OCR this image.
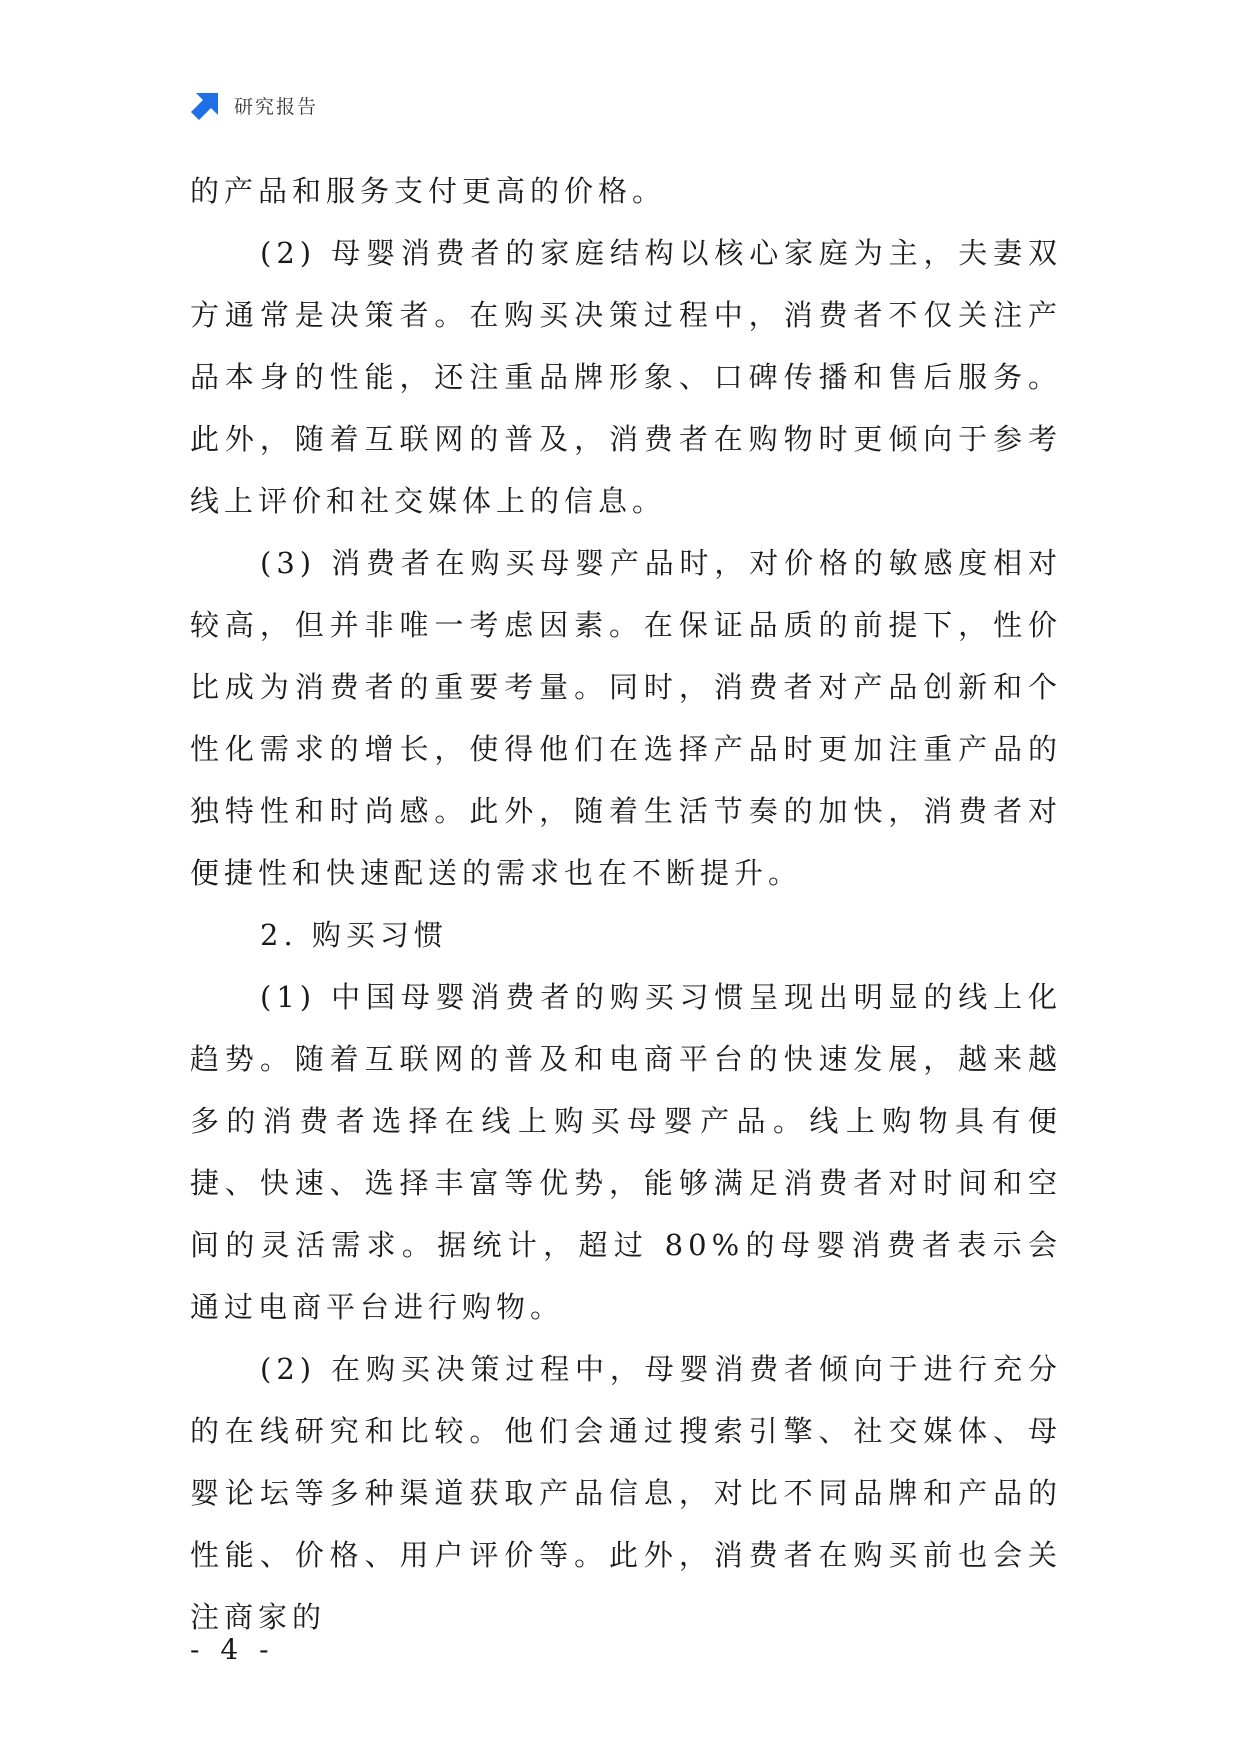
研究报告

的产品和服务支付更高的价格。

(2) 母婴消费者的家庭结构以核心家庭为主，夫妻双方通常是决策者。在购买决策过程中，消费者不仅关注产品本身的性能，还注重品牌形象、口碑传播和售后服务。此外，随着互联网的普及，消费者在购物时更倾向于参考线上评价和社交媒体上的信息。

(3) 消费者在购买母婴产品时，对价格的敏感度相对较高，但并非唯一考虑因素。在保证品质的前提下，性价比成为消费者的重要考量。同时，消费者对产品创新和个性化需求的增长，使得他们在选择产品时更加注重产品的独特性和时尚感。此外，随着生活节奏的加快，消费者对便捷性和快速配送的需求也在不断提升。

2. 购买习惯

(1) 中国母婴消费者的购买习惯呈现出明显的线上化趋势。随着互联网的普及和电商平台的快速发展，越来越多的消费者选择在线上购买母婴产品。线上购物具有便捷、快速、选择丰富等优势，能够满足消费者对时间和空间的灵活需求。据统计，超过 80%的母婴消费者表示会通过电商平台进行购物。

(2) 在购买决策过程中，母婴消费者倾向于进行充分的在线研究和比较。他们会通过搜索引擎、社交媒体、母婴论坛等多种渠道获取产品信息，对比不同品牌和产品的性能、价格、用户评价等。此外，消费者在购买前也会关注商家的

- 4 -
